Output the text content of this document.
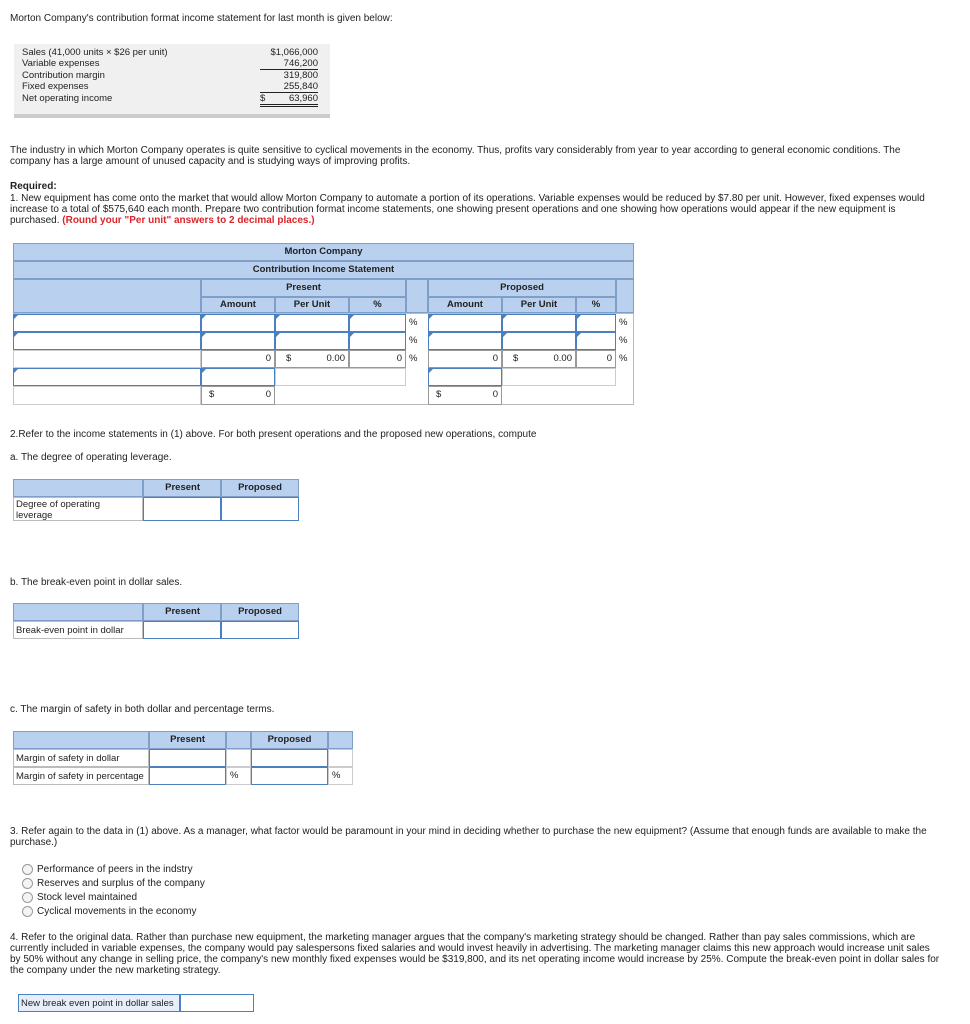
Morton Company's contribution format income statement for last month is given below:
Sales (41,000 units × $26 per unit)	$1,066,000
Variable expenses	746,200
Contribution margin	319,800
Fixed expenses	255,840
Net operating income	$ 63,960
The industry in which Morton Company operates is quite sensitive to cyclical movements in the economy. Thus, profits vary considerably from year to year according to general economic conditions. The company has a large amount of unused capacity and is studying ways of improving profits.
Required:
1. New equipment has come onto the market that would allow Morton Company to automate a portion of its operations. Variable expenses would be reduced by $7.80 per unit. However, fixed expenses would increase to a total of $575,640 each month. Prepare two contribution format income statements, one showing present operations and one showing how operations would appear if the new equipment is purchased. (Round your "Per unit" answers to 2 decimal places.)
Morton Company
Contribution Income Statement
Present	Proposed
Amount	Per Unit	%	Amount	Per Unit	%
%	%
%	%
0	$	0.00	0 %	0	$	0.00	0 %
$	0	$	0
2.Refer to the income statements in (1) above. For both present operations and the proposed new operations, compute
a. The degree of operating leverage.
Present	Proposed
Degree of operating leverage
b. The break-even point in dollar sales.
Present	Proposed
Break-even point in dollar
c. The margin of safety in both dollar and percentage terms.
Present	Proposed
Margin of safety in dollar
Margin of safety in percentage	%	%
3. Refer again to the data in (1) above. As a manager, what factor would be paramount in your mind in deciding whether to purchase the new equipment? (Assume that enough funds are available to make the purchase.)
Performance of peers in the indstry
Reserves and surplus of the company
Stock level maintained
Cyclical movements in the economy
4. Refer to the original data. Rather than purchase new equipment, the marketing manager argues that the company's marketing strategy should be changed. Rather than pay sales commissions, which are currently included in variable expenses, the company would pay salespersons fixed salaries and would invest heavily in advertising. The marketing manager claims this new approach would increase unit sales by 50% without any change in selling price, the company's new monthly fixed expenses would be $319,800, and its net operating income would increase by 25%. Compute the break-even point in dollar sales for the company under the new marketing strategy.
New break even point in dollar sales
